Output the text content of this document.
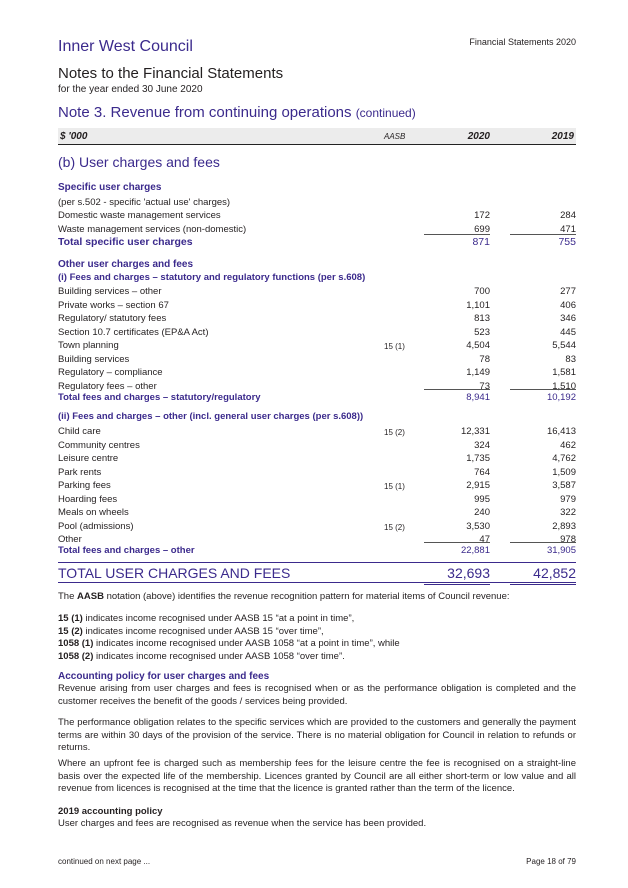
Inner West Council	Financial Statements 2020
Notes to the Financial Statements
for the year ended 30 June 2020
Note 3. Revenue from continuing operations (continued)
$ '000	AASB	2020	2019
(b) User charges and fees
Specific user charges
(per s.502 - specific 'actual use' charges)
Domestic waste management services	172	284
Waste management services (non-domestic)	699	471
Total specific user charges	871	755
Other user charges and fees
(i) Fees and charges – statutory and regulatory functions (per s.608)
Building services – other	700	277
Private works – section 67	1,101	406
Regulatory/ statutory fees	813	346
Section 10.7 certificates (EP&A Act)	523	445
Town planning	15 (1)	4,504	5,544
Building services	78	83
Regulatory – compliance	1,149	1,581
Regulatory fees – other	73	1,510
Total fees and charges – statutory/regulatory	8,941	10,192
(ii) Fees and charges – other (incl. general user charges (per s.608))
Child care	15 (2)	12,331	16,413
Community centres	324	462
Leisure centre	1,735	4,762
Park rents	764	1,509
Parking fees	15 (1)	2,915	3,587
Hoarding fees	995	979
Meals on wheels	240	322
Pool (admissions)	15 (2)	3,530	2,893
Other	47	978
Total fees and charges – other	22,881	31,905
TOTAL USER CHARGES AND FEES	32,693	42,852
The AASB notation (above) identifies the revenue recognition pattern for material items of Council revenue:
15 (1) indicates income recognised under AASB 15 “at a point in time”,
15 (2) indicates income recognised under AASB 15 “over time”,
1058 (1) indicates income recognised under AASB 1058 “at a point in time”, while
1058 (2) indicates income recognised under AASB 1058 “over time”.
Accounting policy for user charges and fees
Revenue arising from user charges and fees is recognised when or as the performance obligation is completed and the customer receives the benefit of the goods / services being provided.
The performance obligation relates to the specific services which are provided to the customers and generally the payment terms are within 30 days of the provision of the service. There is no material obligation for Council in relation to refunds or returns.
Where an upfront fee is charged such as membership fees for the leisure centre the fee is recognised on a straight-line basis over the expected life of the membership. Licences granted by Council are all either short-term or low value and all revenue from licences is recognised at the time that the licence is granted rather than the term of the licence.
2019 accounting policy
User charges and fees are recognised as revenue when the service has been provided.
continued on next page ...	Page 18 of 79
